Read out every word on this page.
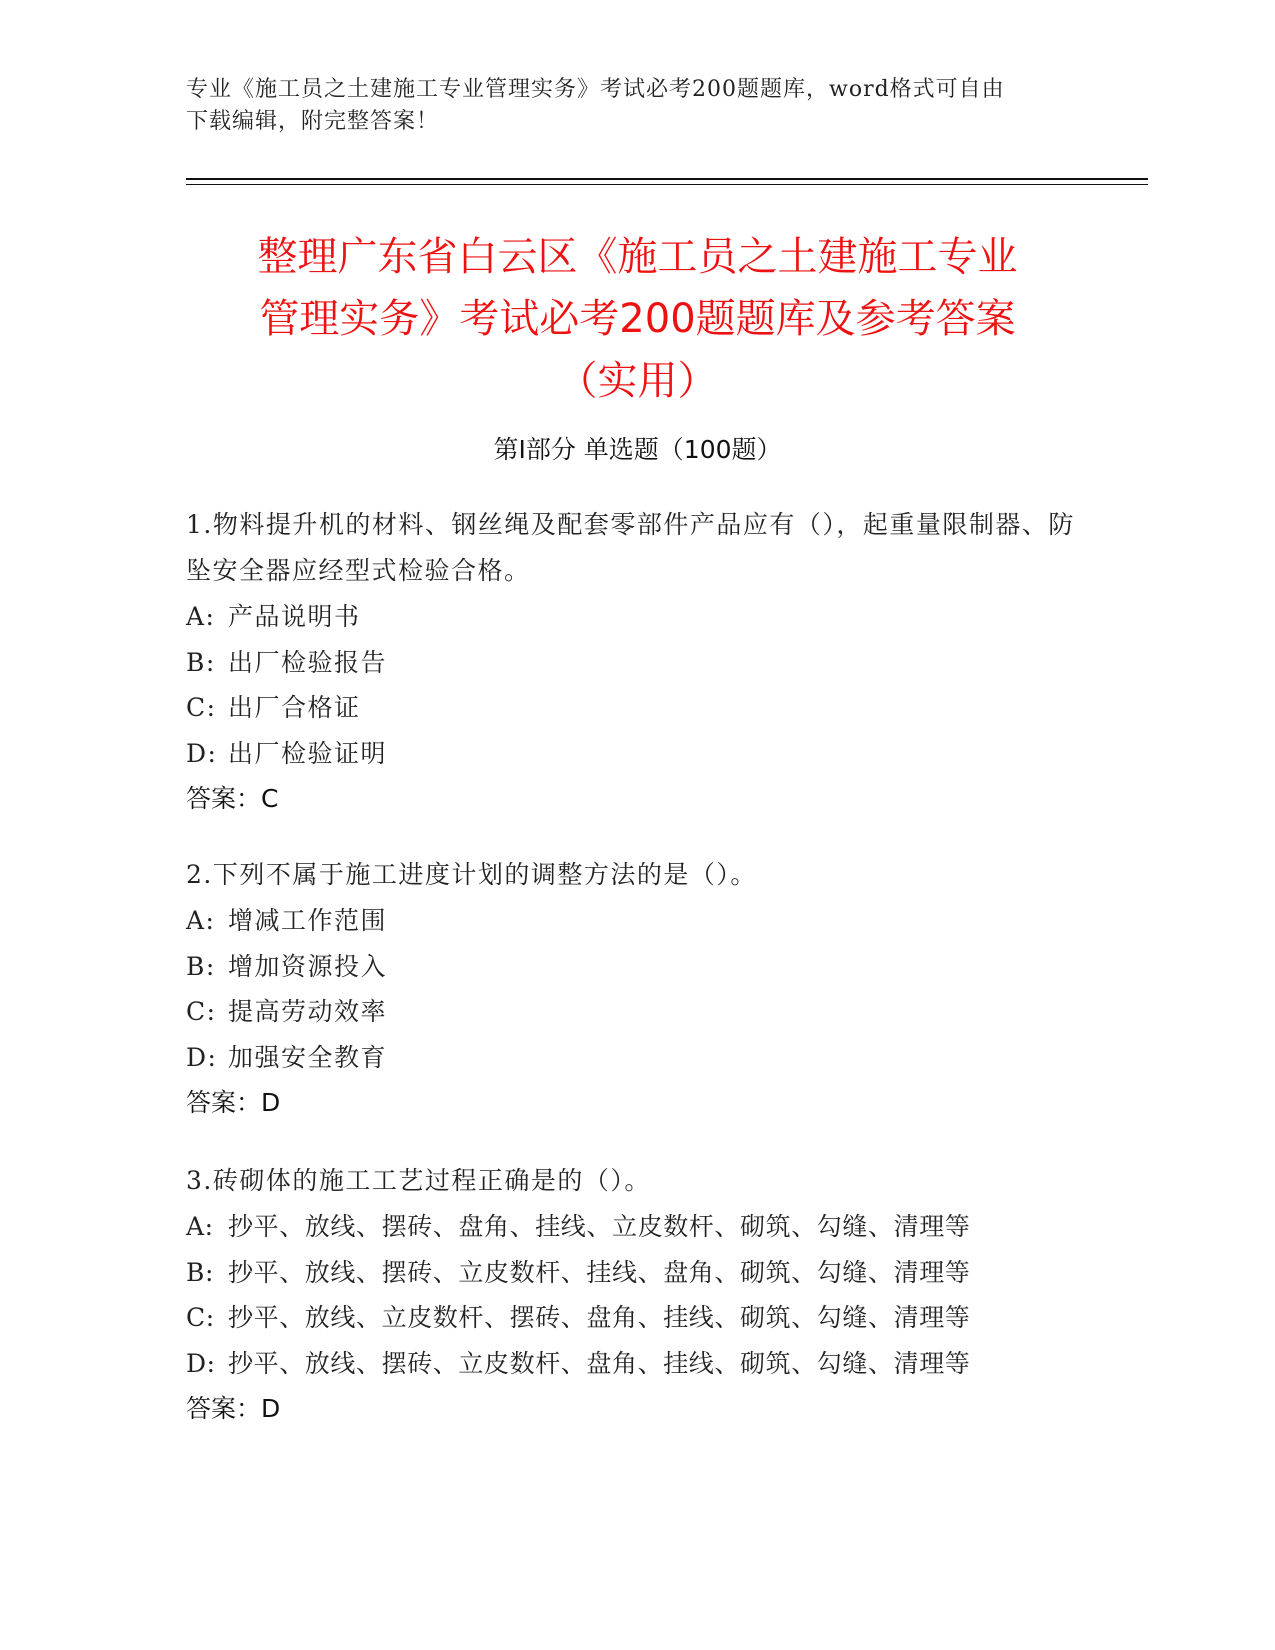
专业《施工员之土建施工专业管理实务》考试必考200题题库，word格式可自由
下载编辑，附完整答案！
整理广东省白云区《施工员之土建施工专业
管理实务》考试必考200题题库及参考答案
（实用）
第I部分 单选题（100题）
1.物料提升机的材料、钢丝绳及配套零部件产品应有（），起重量限制器、防坠安全器应经型式检验合格。
A: 产品说明书
B: 出厂检验报告
C: 出厂合格证
D: 出厂检验证明
答案：C
2.下列不属于施工进度计划的调整方法的是（）。
A: 增减工作范围
B: 增加资源投入
C: 提高劳动效率
D: 加强安全教育
答案：D
3.砖砌体的施工工艺过程正确是的（）。
A: 抄平、放线、摆砖、盘角、挂线、立皮数杆、砌筑、勾缝、清理等
B: 抄平、放线、摆砖、立皮数杆、挂线、盘角、砌筑、勾缝、清理等
C: 抄平、放线、立皮数杆、摆砖、盘角、挂线、砌筑、勾缝、清理等
D: 抄平、放线、摆砖、立皮数杆、盘角、挂线、砌筑、勾缝、清理等
答案：D
